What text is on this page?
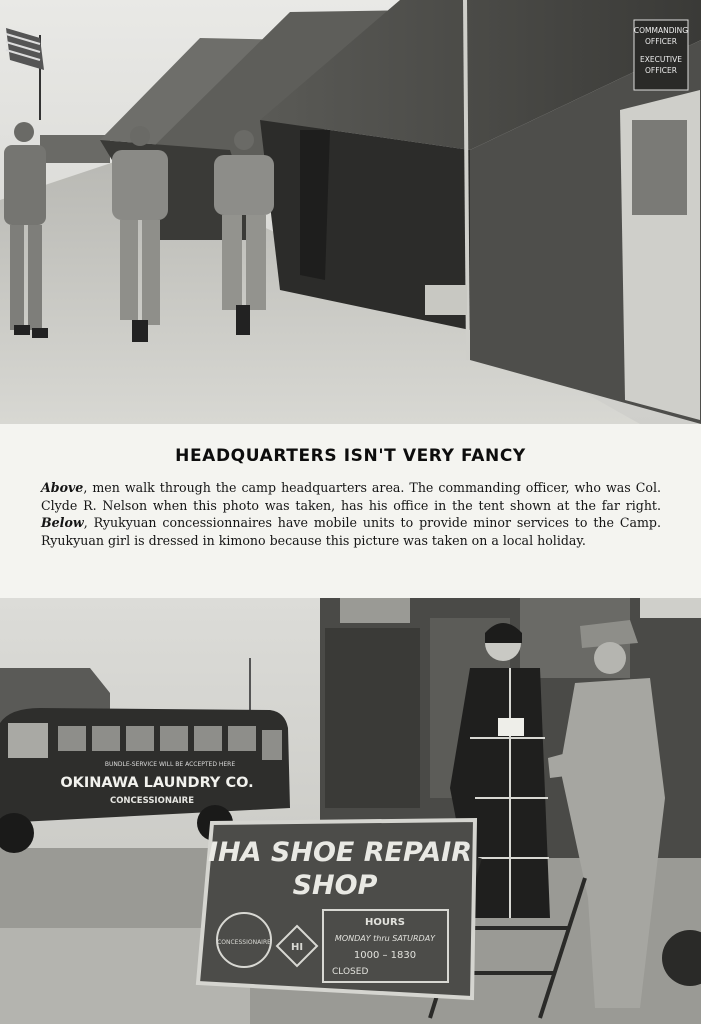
COMMANDING
OFFICER
EXECUTIVE
OFFICER
HEADQUARTERS ISN'T VERY FANCY
Above, men walk through the camp headquarters area. The commanding officer, who was Col. Clyde R. Nelson when this photo was taken, has his office in the tent shown at the far right. Below, Ryukyuan concessionnaires have mobile units to provide minor services to the Camp. Ryukyuan girl is dressed in kimono because this picture was taken on a local holiday.
BUNDLE-SERVICE WILL BE ACCEPTED HERE
OKINAWA LAUNDRY CO.
CONCESSIONAIRE
IHA SHOE REPAIR
SHOP
CONCESSIONAIRE HI
HOURS
MONDAY thru SATURDAY
1000 – 1830
CLOSED
